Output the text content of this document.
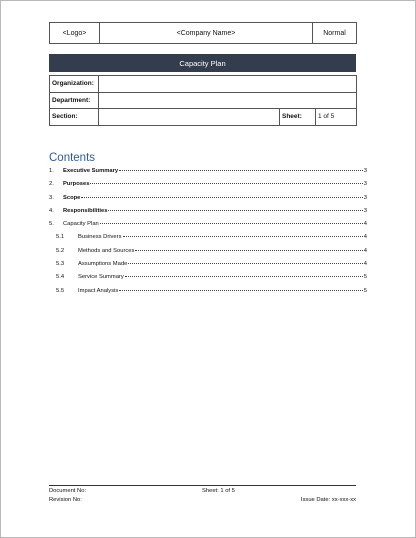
<Logo>	<Company Name>	Normal
Capacity Plan
Organization:			
Department:			
Section:		Sheet:	1 of 5
Contents
1.	Executive Summary	3
2.	Purposes	3
3.	Scope	3
4.	Responsibilities	3
5.	Capacity Plan	4
5.1	Business Drivers	4
5.2	Methods and Sources	4
5.3	Assumptions Made	4
5.4	Service Summary	5
5.5	Impact Analysis	5
Document No:
Revision No:
Sheet: 1 of 5
Issue Date: xx-xxx-xx
